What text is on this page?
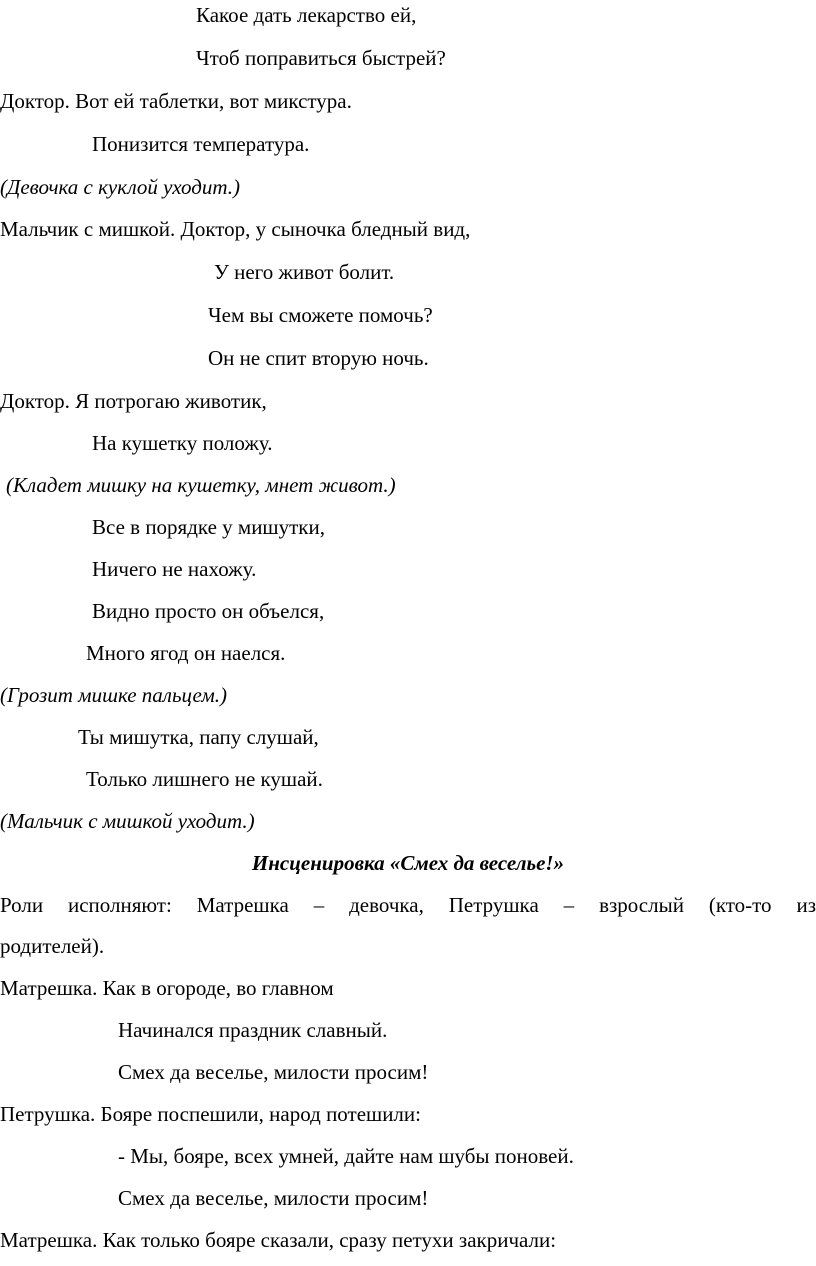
Какое дать лекарство ей,
Чтоб поправиться быстрей?
Доктор. Вот ей таблетки, вот микстура.
Понизится температура.
(Девочка с куклой уходит.)
Мальчик с мишкой. Доктор, у сыночка бледный вид,
У него живот болит.
Чем вы сможете помочь?
Он не спит вторую ночь.
Доктор. Я потрогаю животик,
На кушетку положу.
(Кладет мишку на кушетку, мнет живот.)
Все в порядке у мишутки,
Ничего не нахожу.
Видно просто он объелся,
Много ягод он наелся.
(Грозит мишке пальцем.)
Ты мишутка, папу слушай,
Только лишнего не кушай.
(Мальчик с мишкой уходит.)
Инсценировка «Смех да веселье!»
Роли исполняют: Матрешка – девочка, Петрушка – взрослый (кто-то из
родителей).
Матрешка. Как в огороде, во главном
Начинался праздник славный.
Смех да веселье, милости просим!
Петрушка. Бояре поспешили, народ потешили:
- Мы, бояре, всех умней, дайте нам шубы поновей.
Смех да веселье, милости просим!
Матрешка. Как только бояре сказали, сразу петухи закричали:
